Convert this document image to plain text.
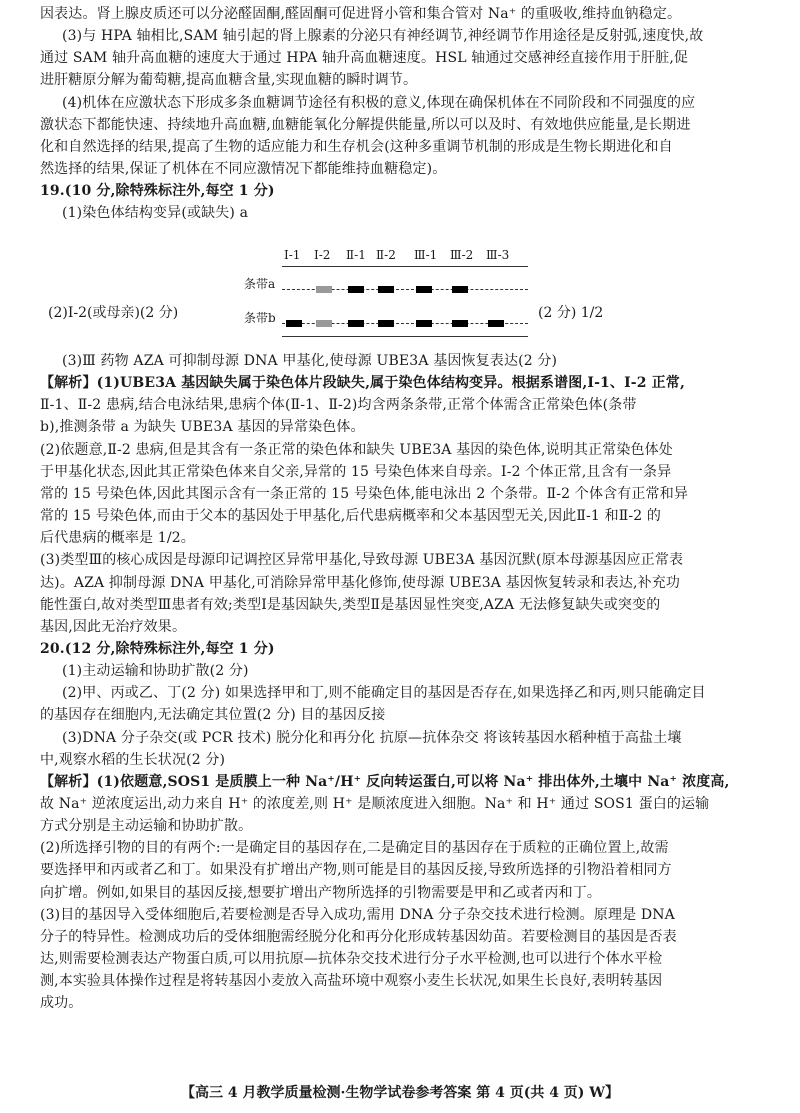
因表达。肾上腺皮质还可以分泌醛固酮,醛固酮可促进肾小管和集合管对 Na⁺ 的重吸收,维持血钠稳定。
(3)与 HPA 轴相比,SAM 轴引起的肾上腺素的分泌只有神经调节,神经调节作用途径是反射弧,速度快,故
通过 SAM 轴升高血糖的速度大于通过 HPA 轴升高血糖速度。HSL 轴通过交感神经直接作用于肝脏,促
进肝糖原分解为葡萄糖,提高血糖含量,实现血糖的瞬时调节。
(4)机体在应激状态下形成多条血糖调节途径有积极的意义,体现在确保机体在不同阶段和不同强度的应
激状态下都能快速、持续地升高血糖,血糖能氧化分解提供能量,所以可以及时、有效地供应能量,是长期进
化和自然选择的结果,提高了生物的适应能力和生存机会(这种多重调节机制的形成是生物长期进化和自
然选择的结果,保证了机体在不同应激情况下都能维持血糖稳定)。
19.(10 分,除特殊标注外,每空 1 分)
(1)染色体结构变异(或缺失) a
Ⅰ-1 Ⅰ-2 Ⅱ-1 Ⅱ-2 Ⅲ-1 Ⅲ-2 Ⅲ-3
(2)Ⅰ-2(或母亲)(2 分)
条带a
条带b	(2 分) 1/2
(3)Ⅲ 药物 AZA 可抑制母源 DNA 甲基化,使母源 UBE3A 基因恢复表达(2 分)
【解析】(1)UBE3A 基因缺失属于染色体片段缺失,属于染色体结构变异。根据系谱图,Ⅰ-1、Ⅰ-2 正常,
Ⅱ-1、Ⅱ-2 患病,结合电泳结果,患病个体(Ⅱ-1、Ⅱ-2)均含两条条带,正常个体需含正常染色体(条带
b),推测条带 a 为缺失 UBE3A 基因的异常染色体。
(2)依题意,Ⅱ-2 患病,但是其含有一条正常的染色体和缺失 UBE3A 基因的染色体,说明其正常染色体处
于甲基化状态,因此其正常染色体来自父亲,异常的 15 号染色体来自母亲。Ⅰ-2 个体正常,且含有一条异
常的 15 号染色体,因此其图示含有一条正常的 15 号染色体,能电泳出 2 个条带。Ⅱ-2 个体含有正常和异
常的 15 号染色体,而由于父本的基因处于甲基化,后代患病概率和父本基因型无关,因此Ⅱ-1 和Ⅱ-2 的
后代患病的概率是 1/2。
(3)类型Ⅲ的核心成因是母源印记调控区异常甲基化,导致母源 UBE3A 基因沉默(原本母源基因应正常表
达)。AZA 抑制母源 DNA 甲基化,可消除异常甲基化修饰,使母源 UBE3A 基因恢复转录和表达,补充功
能性蛋白,故对类型Ⅲ患者有效;类型Ⅰ是基因缺失,类型Ⅱ是基因显性突变,AZA 无法修复缺失或突变的
基因,因此无治疗效果。
20.(12 分,除特殊标注外,每空 1 分)
(1)主动运输和协助扩散(2 分)
(2)甲、丙或乙、丁(2 分) 如果选择甲和丁,则不能确定目的基因是否存在,如果选择乙和丙,则只能确定目
的基因存在细胞内,无法确定其位置(2 分) 目的基因反接
(3)DNA 分子杂交(或 PCR 技术) 脱分化和再分化 抗原—抗体杂交 将该转基因水稻种植于高盐土壤
中,观察水稻的生长状况(2 分)
【解析】(1)依题意,SOS1 是质膜上一种 Na⁺/H⁺ 反向转运蛋白,可以将 Na⁺ 排出体外,土壤中 Na⁺ 浓度高,
故 Na⁺ 逆浓度运出,动力来自 H⁺ 的浓度差,则 H⁺ 是顺浓度进入细胞。Na⁺ 和 H⁺ 通过 SOS1 蛋白的运输
方式分别是主动运输和协助扩散。
(2)所选择引物的目的有两个:一是确定目的基因存在,二是确定目的基因存在于质粒的正确位置上,故需
要选择甲和丙或者乙和丁。如果没有扩增出产物,则可能是目的基因反接,导致所选择的引物沿着相同方
向扩增。例如,如果目的基因反接,想要扩增出产物所选择的引物需要是甲和乙或者丙和丁。
(3)目的基因导入受体细胞后,若要检测是否导入成功,需用 DNA 分子杂交技术进行检测。原理是 DNA
分子的特异性。检测成功后的受体细胞需经脱分化和再分化形成转基因幼苗。若要检测目的基因是否表
达,则需要检测表达产物蛋白质,可以用抗原—抗体杂交技术进行分子水平检测,也可以进行个体水平检
测,本实验具体操作过程是将转基因小麦放入高盐环境中观察小麦生长状况,如果生长良好,表明转基因
成功。
【高三 4 月教学质量检测·生物学试卷参考答案 第 4 页(共 4 页) W】
